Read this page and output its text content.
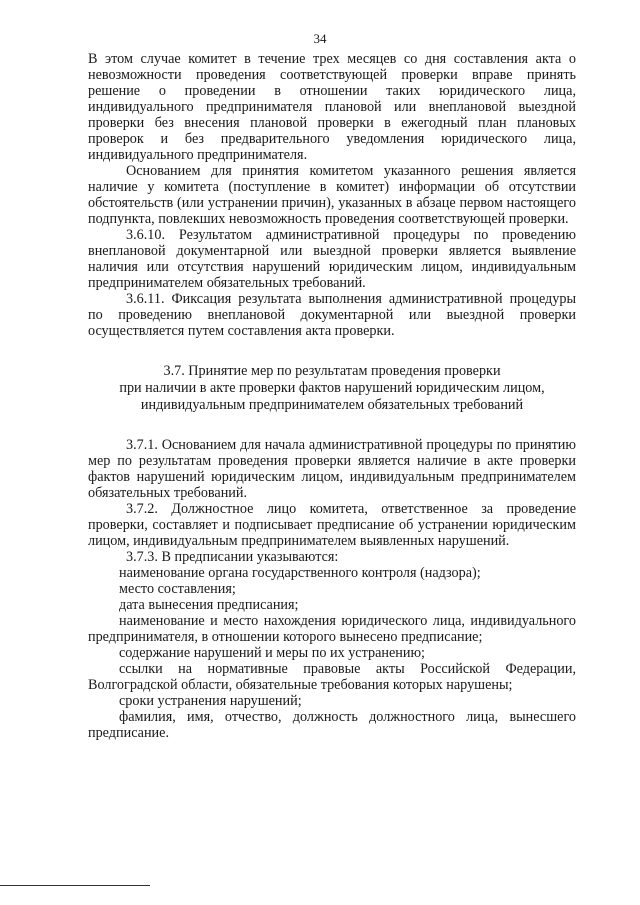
34

В этом случае комитет в течение трех месяцев со дня составления акта о невозможности проведения соответствующей проверки вправе принять решение о проведении в отношении таких юридического лица, индивидуального предпринимателя плановой или внеплановой выездной проверки без внесения плановой проверки в ежегодный план плановых проверок и без предварительного уведомления юридического лица, индивидуального предпринимателя.

Основанием для принятия комитетом указанного решения является наличие у комитета (поступление в комитет) информации об отсутствии обстоятельств (или устранении причин), указанных в абзаце первом настоящего подпункта, повлекших невозможность проведения соответствующей проверки.

3.6.10. Результатом административной процедуры по проведению внеплановой документарной или выездной проверки является выявление наличия или отсутствия нарушений юридическим лицом, индивидуальным предпринимателем обязательных требований.

3.6.11. Фиксация результата выполнения административной процедуры по проведению внеплановой документарной или выездной проверки осуществляется путем составления акта проверки.

3.7. Принятие мер по результатам проведения проверки
при наличии в акте проверки фактов нарушений юридическим лицом,
индивидуальным предпринимателем обязательных требований

3.7.1. Основанием для начала административной процедуры по принятию мер по результатам проведения проверки является наличие в акте проверки фактов нарушений юридическим лицом, индивидуальным предпринимателем обязательных требований.

3.7.2. Должностное лицо комитета, ответственное за проведение проверки, составляет и подписывает предписание об устранении юридическим лицом, индивидуальным предпринимателем выявленных нарушений.

3.7.3. В предписании указываются:

наименование органа государственного контроля (надзора);

место составления;

дата вынесения предписания;

наименование и место нахождения юридического лица, индивидуального предпринимателя, в отношении которого вынесено предписание;

содержание нарушений и меры по их устранению;

ссылки на нормативные правовые акты Российской Федерации, Волгоградской области, обязательные требования которых нарушены;

сроки устранения нарушений;

фамилия, имя, отчество, должность должностного лица, вынесшего предписание.
